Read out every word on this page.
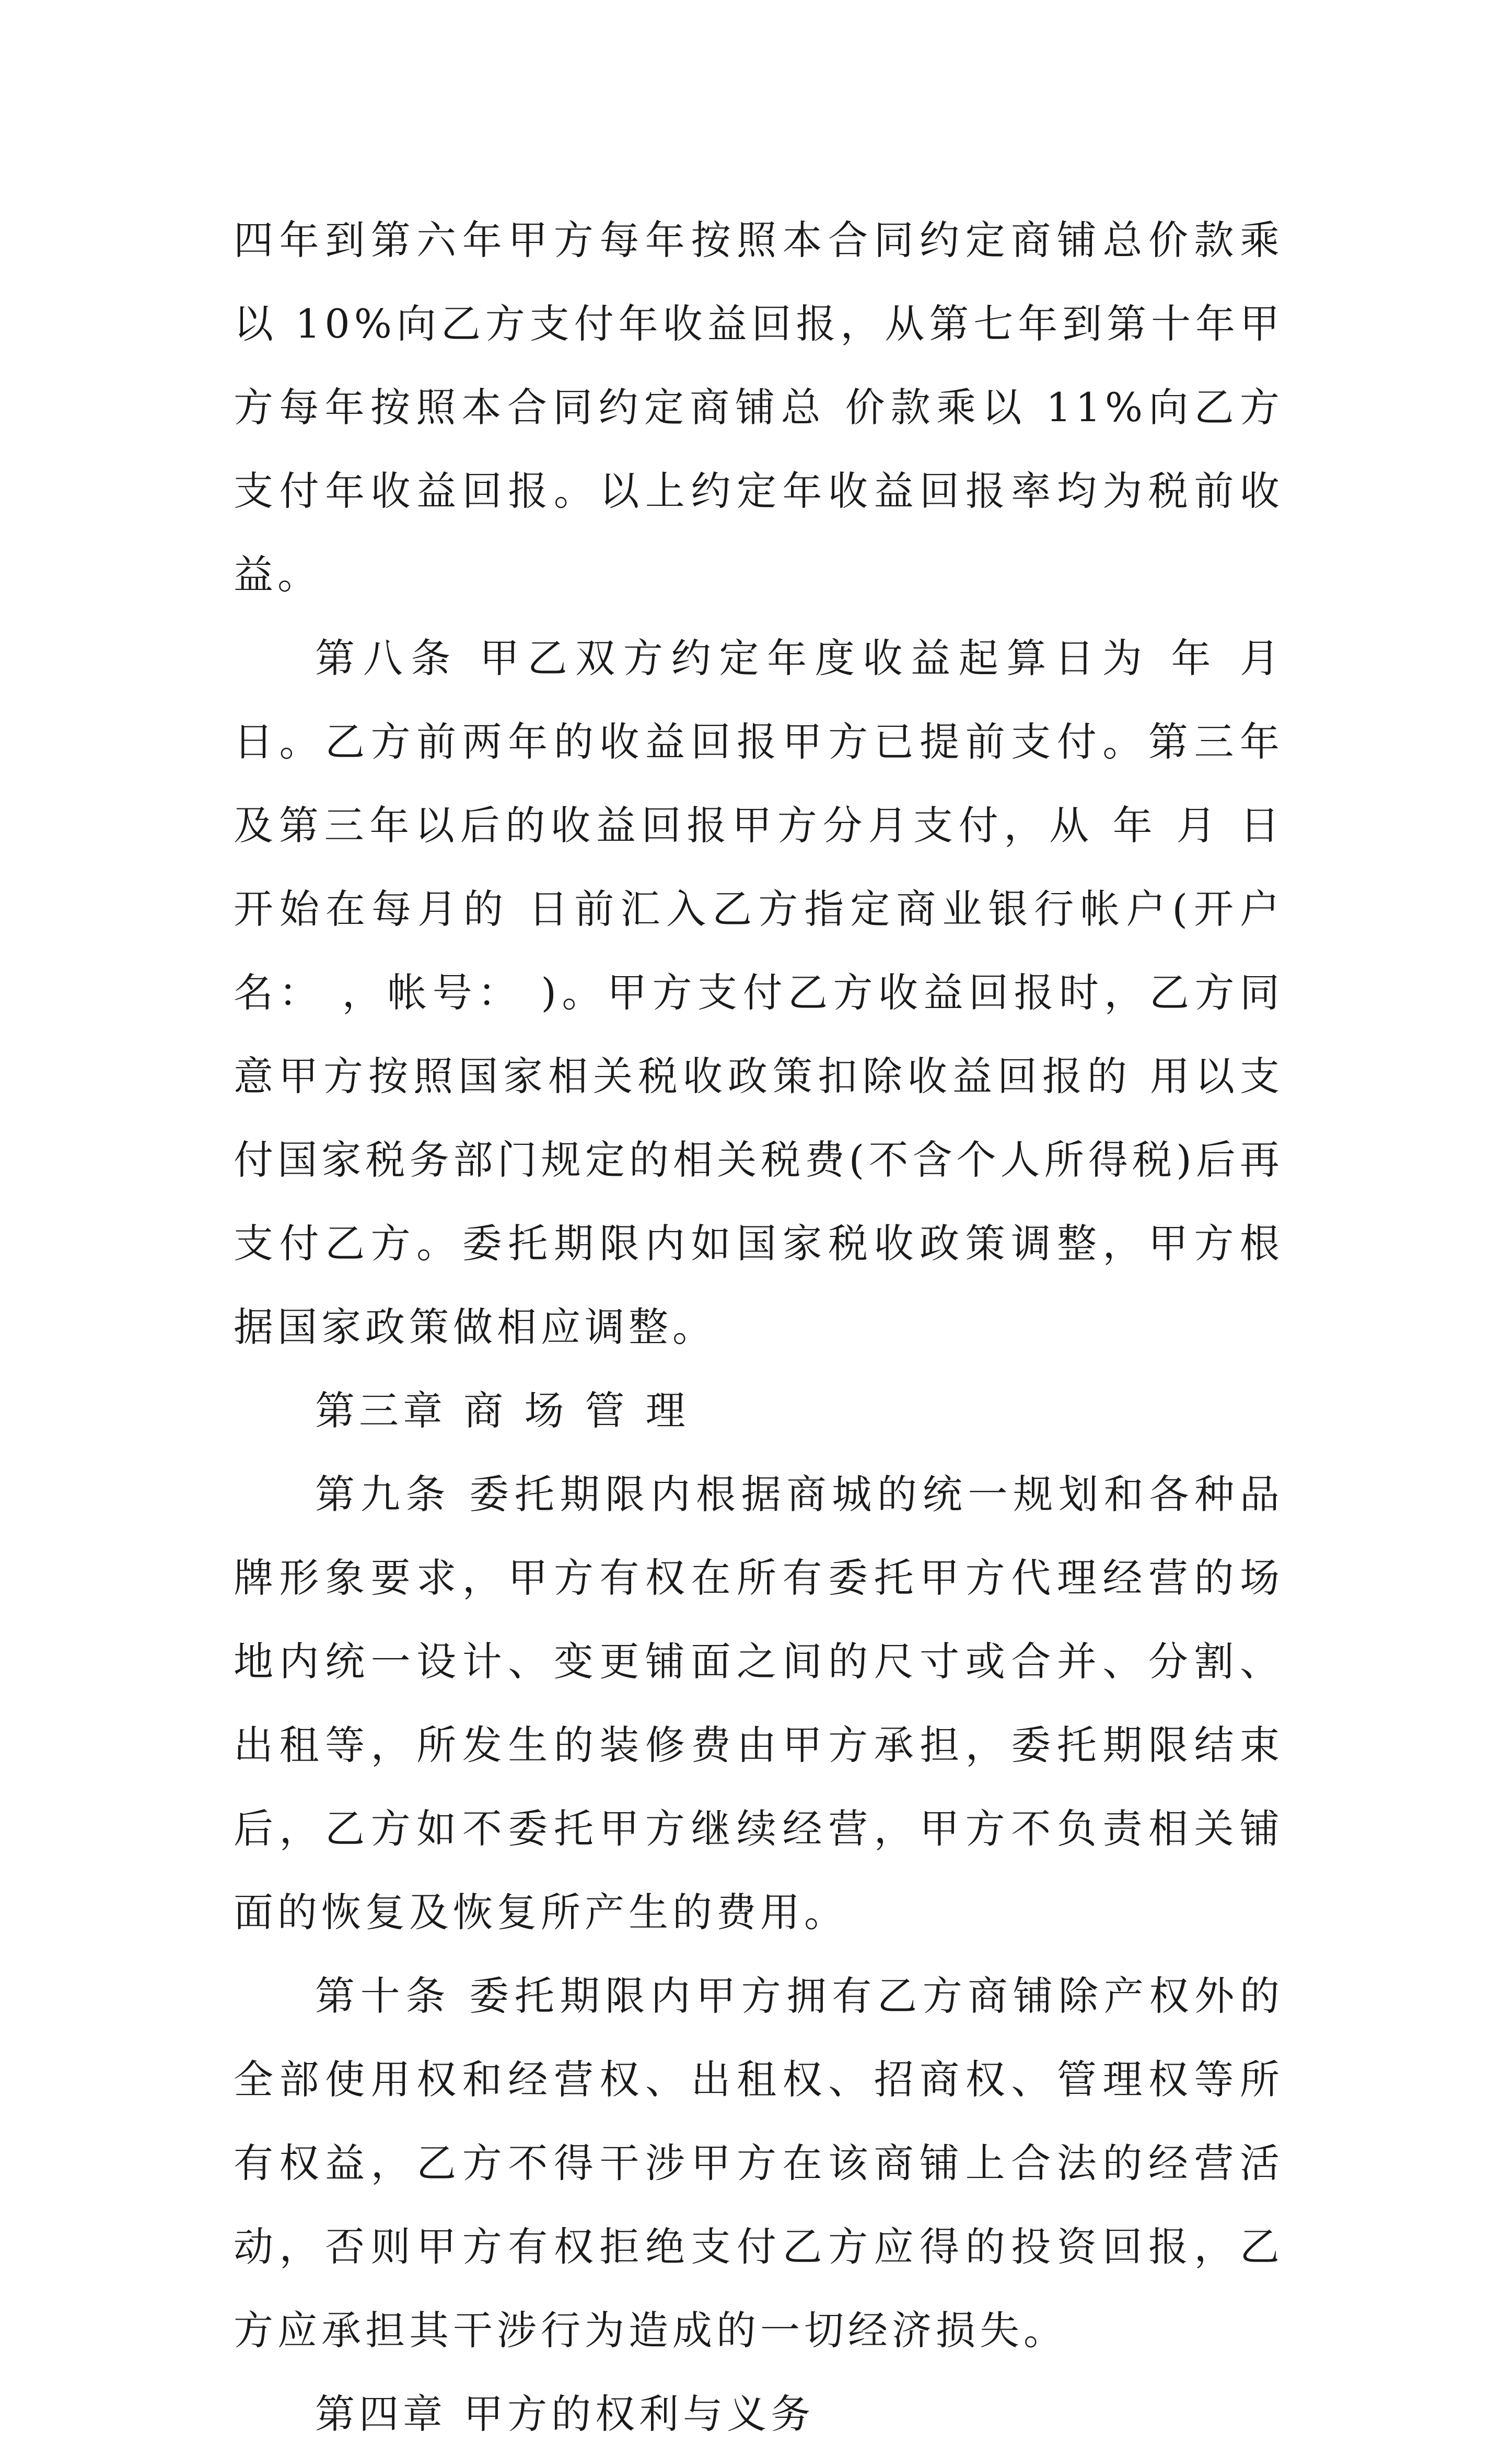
四年到第六年甲方每年按照本合同约定商铺总价款乘以 10%向乙方支付年收益回报，从第七年到第十年甲方每年按照本合同约定商铺总 价款乘以 11%向乙方支付年收益回报。以上约定年收益回报率均为税前收益。

第八条 甲乙双方约定年度收益起算日为 年 月 日。乙方前两年的收益回报甲方已提前支付。第三年及第三年以后的收益回报甲方分月支付，从 年 月 日开始在每月的 日前汇入乙方指定商业银行帐户(开户名： ，帐号： )。甲方支付乙方收益回报时，乙方同意甲方按照国家相关税收政策扣除收益回报的 用以支付国家税务部门规定的相关税费(不含个人所得税)后再支付乙方。委托期限内如国家税收政策调整，甲方根据国家政策做相应调整。

第三章 商 场 管 理

第九条 委托期限内根据商城的统一规划和各种品牌形象要求，甲方有权在所有委托甲方代理经营的场地内统一设计、变更铺面之间的尺寸或合并、分割、出租等，所发生的装修费由甲方承担，委托期限结束后，乙方如不委托甲方继续经营，甲方不负责相关铺面的恢复及恢复所产生的费用。

第十条 委托期限内甲方拥有乙方商铺除产权外的全部使用权和经营权、出租权、招商权、管理权等所有权益，乙方不得干涉甲方在该商铺上合法的经营活动，否则甲方有权拒绝支付乙方应得的投资回报，乙方应承担其干涉行为造成的一切经济损失。

第四章 甲方的权利与义务
